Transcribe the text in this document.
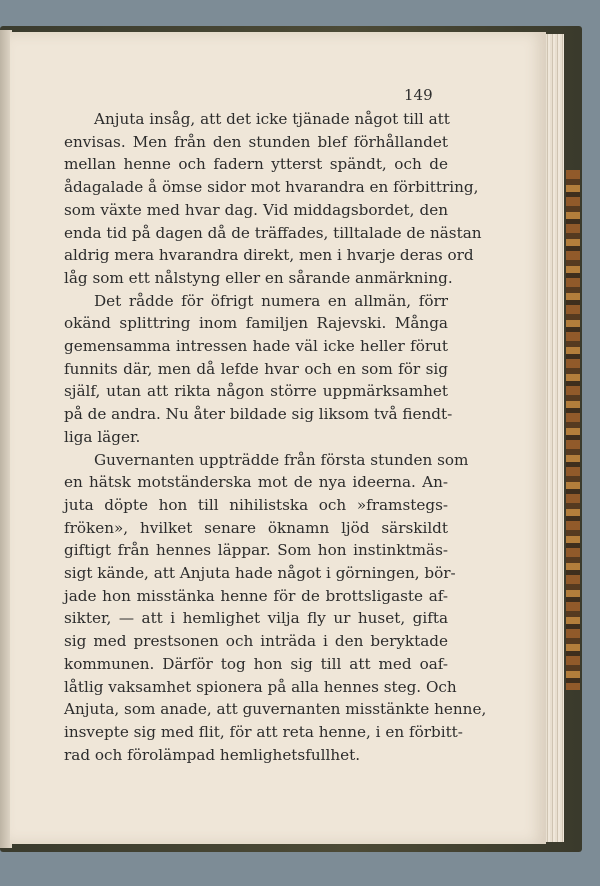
149
Anjuta insåg, att det icke tjänade något till att
envisas. Men från den stunden blef förhållandet
mellan henne och fadern ytterst spändt, och de
ådagalade å ömse sidor mot hvarandra en förbittring,
som växte med hvar dag. Vid middagsbordet, den
enda tid på dagen då de träffades, tilltalade de nästan
aldrig mera hvarandra direkt, men i hvarje deras ord
låg som ett nålstyng eller en sårande anmärkning.
Det rådde för öfrigt numera en allmän, förr
okänd splittring inom familjen Rajevski. Många
gemensamma intressen hade väl icke heller förut
funnits där, men då lefde hvar och en som för sig
själf, utan att rikta någon större uppmärksamhet
på de andra. Nu åter bildade sig liksom två fiendt-
liga läger.
Guvernanten uppträdde från första stunden som
en hätsk motständerska mot de nya ideerna. An-
juta döpte hon till nihilistska och »framstegs-
fröken», hvilket senare öknamn ljöd särskildt
giftigt från hennes läppar. Som hon instinktmäs-
sigt kände, att Anjuta hade något i görningen, bör-
jade hon misstänka henne för de brottsligaste af-
sikter, — att i hemlighet vilja fly ur huset, gifta
sig med prestsonen och inträda i den beryktade
kommunen. Därför tog hon sig till att med oaf-
låtlig vaksamhet spionera på alla hennes steg. Och
Anjuta, som anade, att guvernanten misstänkte henne,
insvepte sig med flit, för att reta henne, i en förbitt-
rad och förolämpad hemlighetsfullhet.
